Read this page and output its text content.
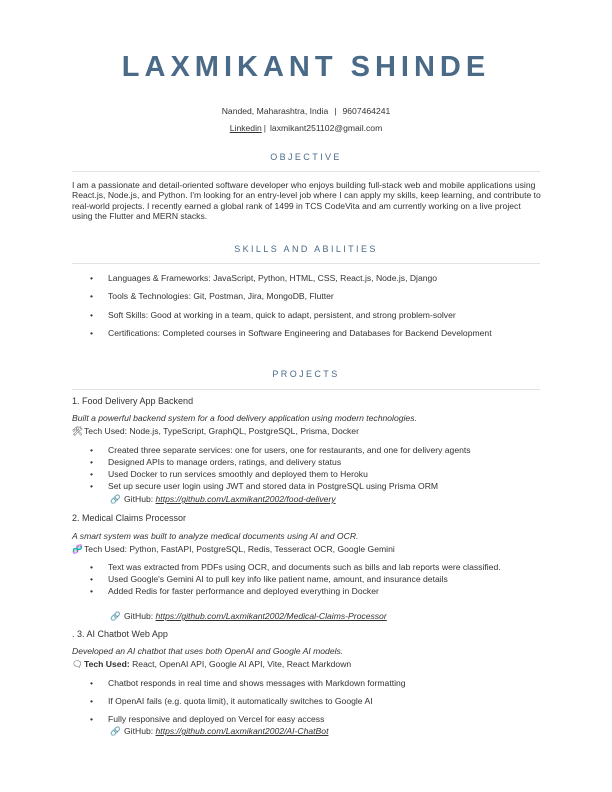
LAXMIKANT SHINDE
Nanded, Maharashtra, India | 9607464241
Linkedin | laxmikant251102@gmail.com
OBJECTIVE
I am a passionate and detail-oriented software developer who enjoys building full-stack web and mobile applications using React.js, Node.js, and Python. I'm looking for an entry-level job where I can apply my skills, keep learning, and contribute to real-world projects. I recently earned a global rank of 1499 in TCS CodeVita and am currently working on a live project using the Flutter and MERN stacks.
SKILLS AND ABILITIES
• Languages & Frameworks: JavaScript, Python, HTML, CSS, React.js, Node.js, Django
• Tools & Technologies: Git, Postman, Jira, MongoDB, Flutter
• Soft Skills: Good at working in a team, quick to adapt, persistent, and strong problem-solver
• Certifications: Completed courses in Software Engineering and Databases for Backend Development
PROJECTS
1. Food Delivery App Backend
Built a powerful backend system for a food delivery application using modern technologies.
🛠Tech Used: Node.js, TypeScript, GraphQL, PostgreSQL, Prisma, Docker
• Created three separate services: one for users, one for restaurants, and one for delivery agents
• Designed APIs to manage orders, ratings, and delivery status
• Used Docker to run services smoothly and deployed them to Heroku
• Set up secure user login using JWT and stored data in PostgreSQL using Prisma ORM
🔗 GitHub: https://github.com/Laxmikant2002/food-delivery
2. Medical Claims Processor
A smart system was built to analyze medical documents using AI and OCR.
🧬Tech Used: Python, FastAPI, PostgreSQL, Redis, Tesseract OCR, Google Gemini
• Text was extracted from PDFs using OCR, and documents such as bills and lab reports were classified.
• Used Google's Gemini AI to pull key info like patient name, amount, and insurance details
• Added Redis for faster performance and deployed everything in Docker
🔗 GitHub: https://github.com/Laxmikant2002/Medical-Claims-Processor
. 3. AI Chatbot Web App
Developed an AI chatbot that uses both OpenAI and Google AI models.
🗨Tech Used: React, OpenAI API, Google AI API, Vite, React Markdown
• Chatbot responds in real time and shows messages with Markdown formatting
• If OpenAI fails (e.g. quota limit), it automatically switches to Google AI
• Fully responsive and deployed on Vercel for easy access
🔗 GitHub: https://github.com/Laxmikant2002/AI-ChatBot
